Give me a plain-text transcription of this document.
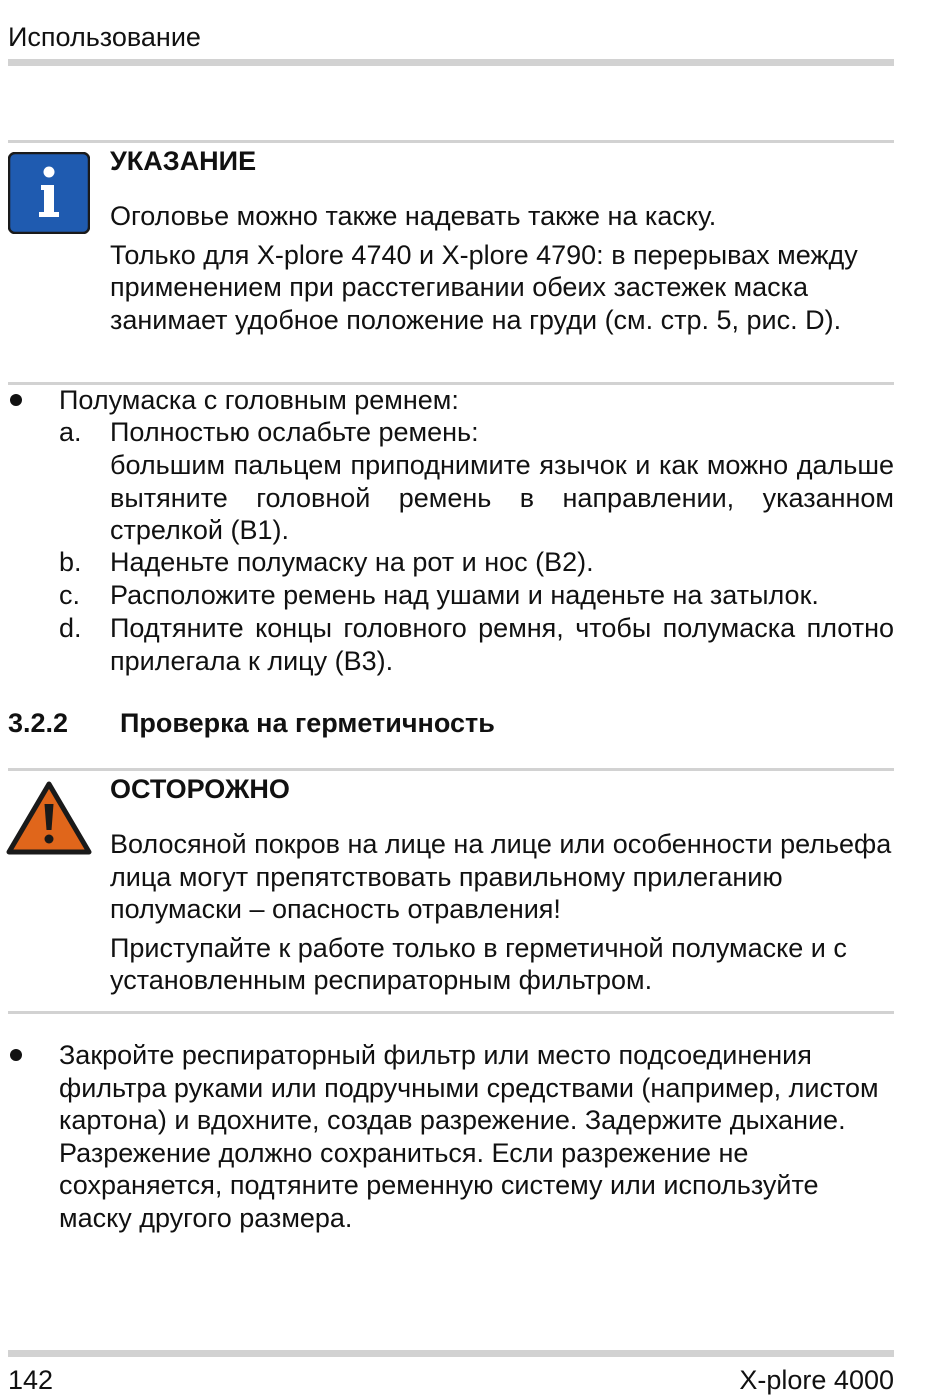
Использование
УКАЗАНИЕ

Оголовье можно также надевать также на каску.

Только для X-plore 4740 и X-plore 4790: в перерывах между применением при расстегивании обеих застежек маска занимает удобное положение на груди (см. стр. 5, рис. D).

Полумаска с головным ремнем:
a. Полностью ослабьте ремень:
большим пальцем приподнимите язычок и как можно дальше вытяните головной ремень в направлении, указанном стрелкой (B1).
b. Наденьте полумаску на рот и нос (B2).
c. Расположите ремень над ушами и наденьте на затылок.
d. Подтяните концы головного ремня, чтобы полумаска плотно прилегала к лицу (B3).
3.2.2 Проверка на герметичность
ОСТОРОЖНО

Волосяной покров на лице на лице или особенности рельефа лица могут препятствовать правильному прилеганию полумаски – опасность отравления!

Приступайте к работе только в герметичной полумаске и с установленным респираторным фильтром.

Закройте респираторный фильтр или место подсоединения фильтра руками или подручными средствами (например, листом картона) и вдохните, создав разрежение. Задержите дыхание.
Разрежение должно сохраниться. Если разрежение не сохраняется, подтяните ременную систему или используйте маску другого размера.
142	X-plore 4000
